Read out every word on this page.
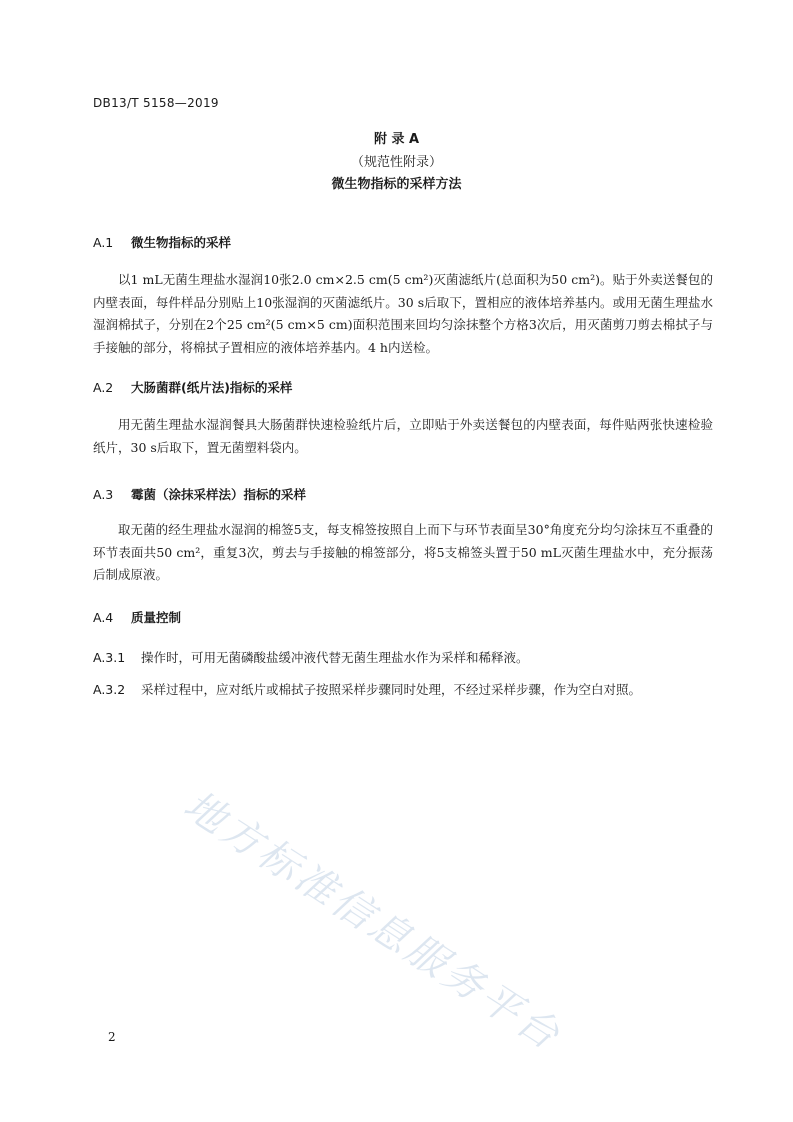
DB13/T 5158—2019
附 录 A
（规范性附录）
微生物指标的采样方法
A.1 微生物指标的采样
以1 mL无菌生理盐水湿润10张2.0 cm×2.5 cm(5 cm²)灭菌滤纸片(总面积为50 cm²)。贴于外卖送餐包的内壁表面，每件样品分别贴上10张湿润的灭菌滤纸片。30 s后取下，置相应的液体培养基内。或用无菌生理盐水湿润棉拭子，分别在2个25 cm²(5 cm×5 cm)面积范围来回均匀涂抹整个方格3次后，用灭菌剪刀剪去棉拭子与手接触的部分，将棉拭子置相应的液体培养基内。4 h内送检。
A.2 大肠菌群(纸片法)指标的采样
用无菌生理盐水湿润餐具大肠菌群快速检验纸片后，立即贴于外卖送餐包的内壁表面，每件贴两张快速检验纸片，30 s后取下，置无菌塑料袋内。
A.3 霉菌（涂抹采样法）指标的采样
取无菌的经生理盐水湿润的棉签5支，每支棉签按照自上而下与环节表面呈30°角度充分均匀涂抹互不重叠的环节表面共50 cm²，重复3次，剪去与手接触的棉签部分，将5支棉签头置于50 mL灭菌生理盐水中，充分振荡后制成原液。
A.4 质量控制
A.3.1 操作时，可用无菌磷酸盐缓冲液代替无菌生理盐水作为采样和稀释液。
A.3.2 采样过程中，应对纸片或棉拭子按照采样步骤同时处理，不经过采样步骤，作为空白对照。
地方标准信息服务平台
2
